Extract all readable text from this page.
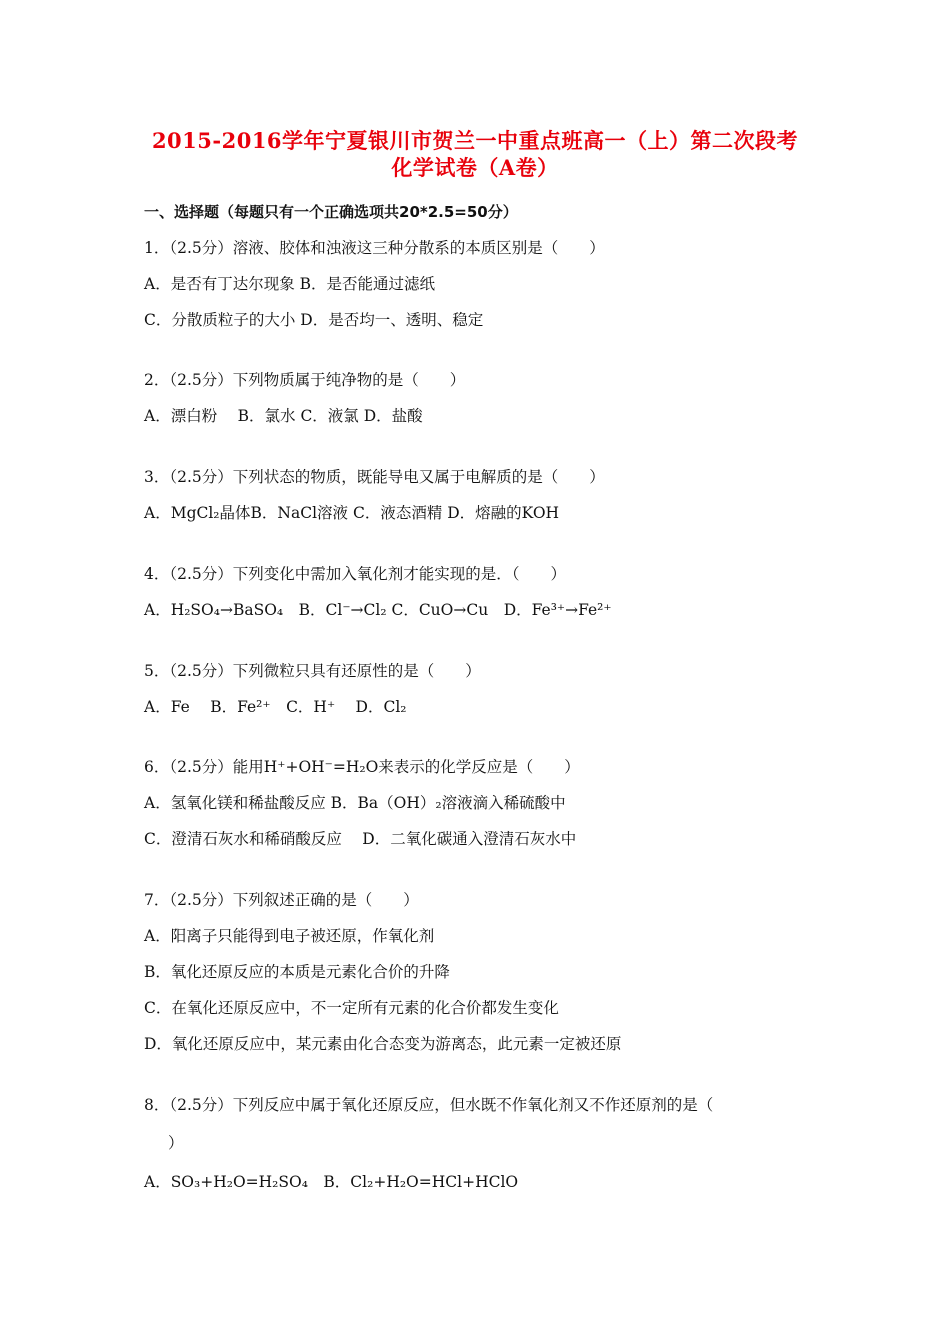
2015-2016学年宁夏银川市贺兰一中重点班高一（上）第二次段考
化学试卷（A卷）
一、选择题（每题只有一个正确选项共20*2.5=50分）
1．（2.5分）溶液、胶体和浊液这三种分散系的本质区别是（　　）
A．是否有丁达尔现象 B．是否能通过滤纸
C．分散质粒子的大小 D．是否均一、透明、稳定
2．（2.5分）下列物质属于纯净物的是（　　）
A．漂白粉　 B．氯水 C．液氯 D．盐酸
3．（2.5分）下列状态的物质，既能导电又属于电解质的是（　　）
A．MgCl₂晶体B．NaCl溶液 C．液态酒精 D．熔融的KOH
4．（2.5分）下列变化中需加入氧化剂才能实现的是．（　　）
A．H₂SO₄→BaSO₄　B．Cl⁻→Cl₂ C．CuO→Cu　D．Fe³⁺→Fe²⁺
5．（2.5分）下列微粒只具有还原性的是（　　）
A．Fe　 B．Fe²⁺　C．H⁺　 D．Cl₂
6．（2.5分）能用H⁺+OH⁻=H₂O来表示的化学反应是（　　）
A．氢氧化镁和稀盐酸反应 B．Ba（OH）₂溶液滴入稀硫酸中
C．澄清石灰水和稀硝酸反应　 D．二氧化碳通入澄清石灰水中
7．（2.5分）下列叙述正确的是（　　）
A．阳离子只能得到电子被还原，作氧化剂
B．氧化还原反应的本质是元素化合价的升降
C．在氧化还原反应中，不一定所有元素的化合价都发生变化
D．氧化还原反应中，某元素由化合态变为游离态，此元素一定被还原
8．（2.5分）下列反应中属于氧化还原反应，但水既不作氧化剂又不作还原剂的是（
）
A．SO₃+H₂O=H₂SO₄　B．Cl₂+H₂O=HCl+HClO
